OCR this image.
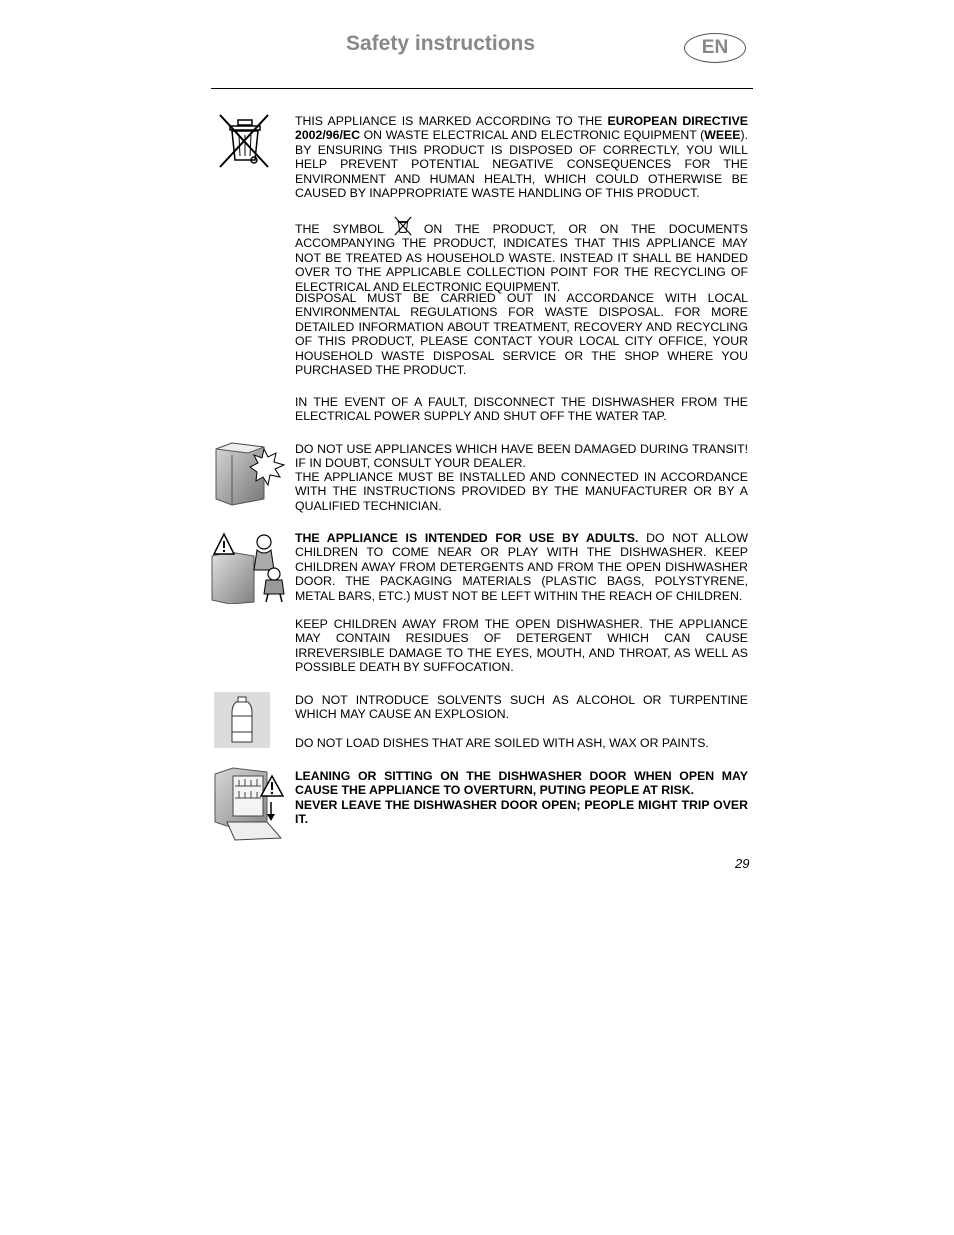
Safety instructions	EN

THIS APPLIANCE IS MARKED ACCORDING TO THE EUROPEAN DIRECTIVE 2002/96/EC ON WASTE ELECTRICAL AND ELECTRONIC EQUIPMENT (WEEE). BY ENSURING THIS PRODUCT IS DISPOSED OF CORRECTLY, YOU WILL HELP PREVENT POTENTIAL NEGATIVE CONSEQUENCES FOR THE ENVIRONMENT AND HUMAN HEALTH, WHICH COULD OTHERWISE BE CAUSED BY INAPPROPRIATE WASTE HANDLING OF THIS PRODUCT.

THE SYMBOL	ON THE PRODUCT, OR ON THE DOCUMENTS ACCOMPANYING THE PRODUCT, INDICATES THAT THIS APPLIANCE MAY NOT BE TREATED AS HOUSEHOLD WASTE. INSTEAD IT SHALL BE HANDED OVER TO THE APPLICABLE COLLECTION POINT FOR THE RECYCLING OF ELECTRICAL AND ELECTRONIC EQUIPMENT.

DISPOSAL MUST BE CARRIED OUT IN ACCORDANCE WITH LOCAL ENVIRONMENTAL REGULATIONS FOR WASTE DISPOSAL. FOR MORE DETAILED INFORMATION ABOUT TREATMENT, RECOVERY AND RECYCLING OF THIS PRODUCT, PLEASE CONTACT YOUR LOCAL CITY OFFICE, YOUR HOUSEHOLD WASTE DISPOSAL SERVICE OR THE SHOP WHERE YOU PURCHASED THE PRODUCT.

IN THE EVENT OF A FAULT, DISCONNECT THE DISHWASHER FROM THE ELECTRICAL POWER SUPPLY AND SHUT OFF THE WATER TAP.

DO NOT USE APPLIANCES WHICH HAVE BEEN DAMAGED DURING TRANSIT! IF IN DOUBT, CONSULT YOUR DEALER.

THE APPLIANCE MUST BE INSTALLED AND CONNECTED IN ACCORDANCE WITH THE INSTRUCTIONS PROVIDED BY THE MANUFACTURER OR BY A QUALIFIED TECHNICIAN.

THE APPLIANCE IS INTENDED FOR USE BY ADULTS. DO NOT ALLOW CHILDREN TO COME NEAR OR PLAY WITH THE DISHWASHER. KEEP CHILDREN AWAY FROM DETERGENTS AND FROM THE OPEN DISHWASHER DOOR. THE PACKAGING MATERIALS (PLASTIC BAGS, POLYSTYRENE, METAL BARS, ETC.) MUST NOT BE LEFT WITHIN THE REACH OF CHILDREN.

KEEP CHILDREN AWAY FROM THE OPEN DISHWASHER. THE APPLIANCE MAY CONTAIN RESIDUES OF DETERGENT WHICH CAN CAUSE IRREVERSIBLE DAMAGE TO THE EYES, MOUTH, AND THROAT, AS WELL AS POSSIBLE DEATH BY SUFFOCATION.

DO NOT INTRODUCE SOLVENTS SUCH AS ALCOHOL OR TURPENTINE WHICH MAY CAUSE AN EXPLOSION.

DO NOT LOAD DISHES THAT ARE SOILED WITH ASH, WAX OR PAINTS.

LEANING OR SITTING ON THE DISHWASHER DOOR WHEN OPEN MAY CAUSE THE APPLIANCE TO OVERTURN, PUTING PEOPLE AT RISK.

NEVER LEAVE THE DISHWASHER DOOR OPEN; PEOPLE MIGHT TRIP OVER IT.

29
